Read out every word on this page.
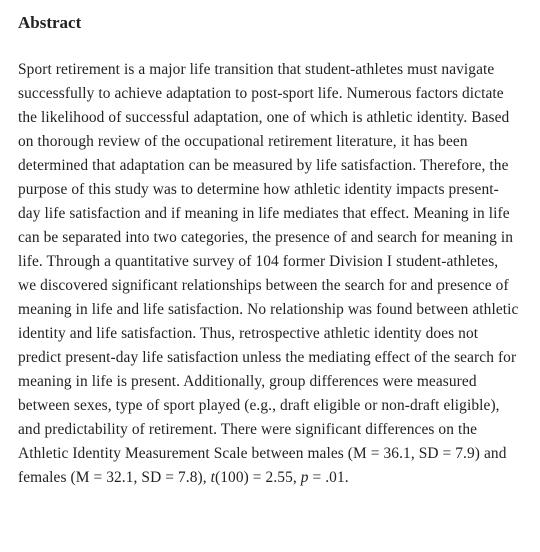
Abstract

Sport retirement is a major life transition that student-athletes must navigate successfully to achieve adaptation to post-sport life. Numerous factors dictate the likelihood of successful adaptation, one of which is athletic identity. Based on thorough review of the occupational retirement literature, it has been determined that adaptation can be measured by life satisfaction. Therefore, the purpose of this study was to determine how athletic identity impacts present-day life satisfaction and if meaning in life mediates that effect. Meaning in life can be separated into two categories, the presence of and search for meaning in life. Through a quantitative survey of 104 former Division I student-athletes, we discovered significant relationships between the search for and presence of meaning in life and life satisfaction. No relationship was found between athletic identity and life satisfaction. Thus, retrospective athletic identity does not predict present-day life satisfaction unless the mediating effect of the search for meaning in life is present. Additionally, group differences were measured between sexes, type of sport played (e.g., draft eligible or non-draft eligible), and predictability of retirement. There were significant differences on the Athletic Identity Measurement Scale between males (M = 36.1, SD = 7.9) and females (M = 32.1, SD = 7.8), t(100) = 2.55, p = .01.
